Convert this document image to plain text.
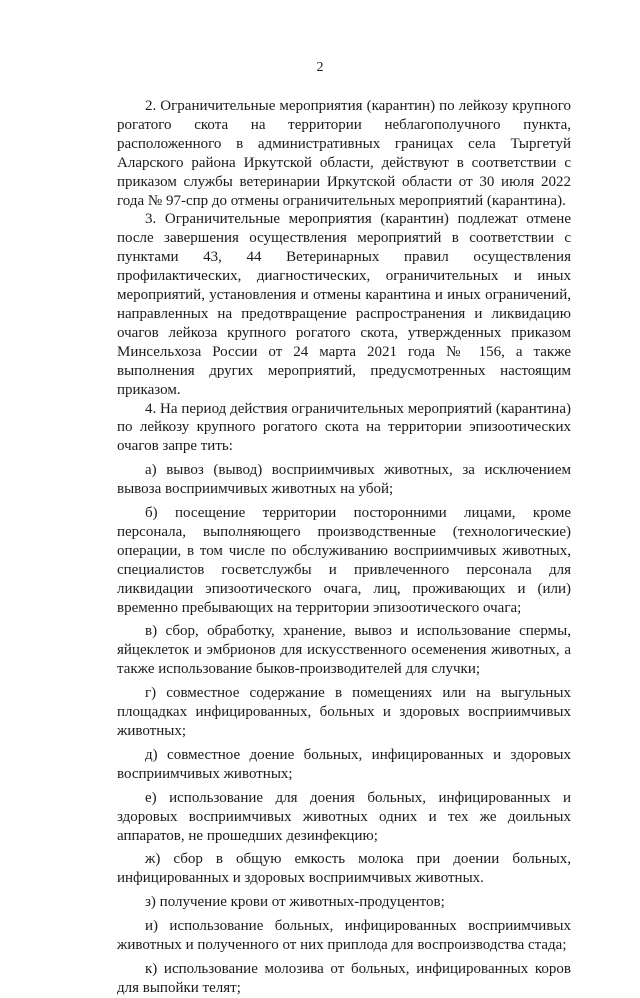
2

2. Ограничительные мероприятия (карантин) по лейкозу крупного рогатого скота на территории неблагополучного пункта, расположенного в административных границах села Тыргетуй Аларского района Иркутской области, действуют в соответствии с приказом службы ветеринарии Иркутской области от 30 июля 2022 года № 97-спр до отмены ограничительных мероприятий (карантина).

3. Ограничительные мероприятия (карантин) подлежат отмене после завершения осуществления мероприятий в соответствии с пунктами 43, 44 Ветеринарных правил осуществления профилактических, диагностических, ограничительных и иных мероприятий, установления и отмены карантина и иных ограничений, направленных на предотвращение распространения и ликвидацию очагов лейкоза крупного рогатого скота, утвержденных приказом Минсельхоза России от 24 марта 2021 года № 156, а также выполнения других мероприятий, предусмотренных настоящим приказом.

4. На период действия ограничительных мероприятий (карантина) по лейкозу крупного рогатого скота на территории эпизоотических очагов запре тить:

а) вывоз (вывод) восприимчивых животных, за исключением вывоза восприимчивых животных на убой;

б) посещение территории посторонними лицами, кроме персонала, выполняющего производственные (технологические) операции, в том числе по обслуживанию восприимчивых животных, специалистов госветслужбы и привлеченного персонала для ликвидации эпизоотического очага, лиц, проживающих и (или) временно пребывающих на территории эпизоотического очага;

в) сбор, обработку, хранение, вывоз и использование спермы, яйцеклеток и эмбрионов для искусственного осеменения животных, а также использование быков-производителей для случки;

г) совместное содержание в помещениях или на выгульных площадках инфицированных, больных и здоровых восприимчивых животных;

д) совместное доение больных, инфицированных и здоровых восприимчивых животных;

е) использование для доения больных, инфицированных и здоровых восприимчивых животных одних и тех же доильных аппаратов, не прошедших дезинфекцию;

ж) сбор в общую емкость молока при доении больных, инфицированных и здоровых восприимчивых животных.

з) получение крови от животных-продуцентов;

и) использование больных, инфицированных восприимчивых животных и полученного от них приплода для воспроизводства стада;

к) использование молозива от больных, инфицированных коров для выпойки телят;
